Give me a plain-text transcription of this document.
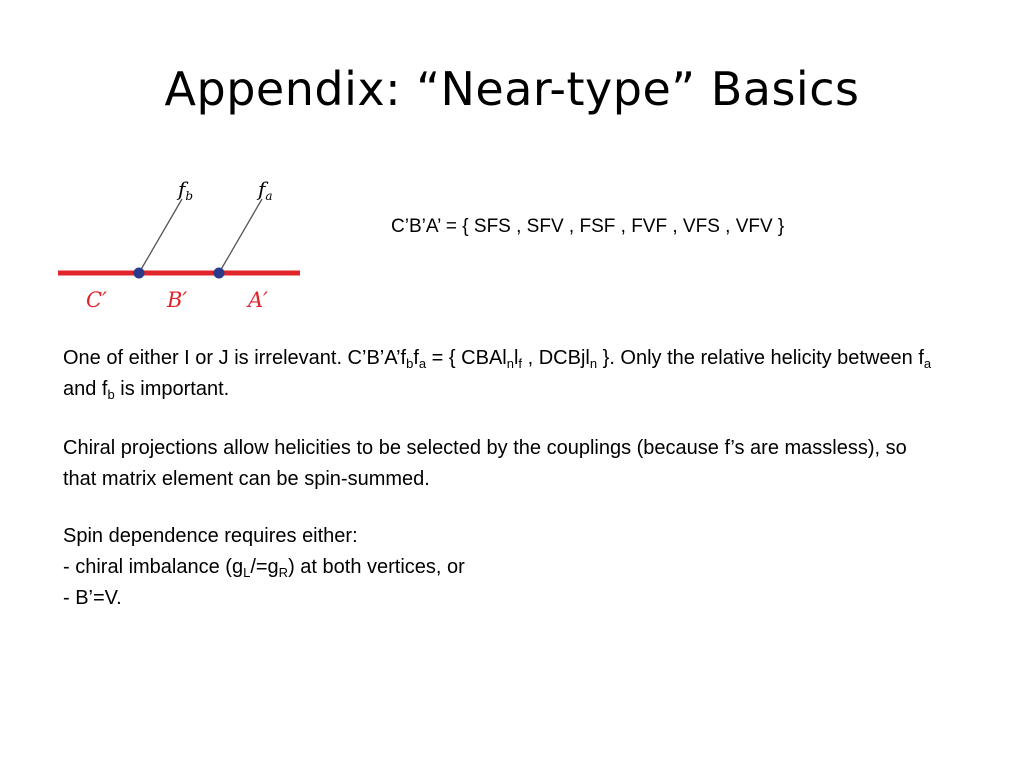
Appendix: “Near-type” Basics
$f_b$	$f_a$
C′	B′	A′
C’B’A’ = { SFS , SFV , FSF , FVF , VFS , VFV }

One of either I or J is irrelevant. $C’B’A’f_bf_a$ = { $CBAl_nl_f$ , DCBjl$_n$ }. Only the relative helicity between $f_a$ and $f_b$ is important.

Chiral projections allow helicities to be selected by the couplings (because f’s are massless), so that matrix element can be spin-summed.

Spin dependence requires either:
- chiral imbalance $(g_L/=g_R)$ at both vertices, or
- B’=V.
